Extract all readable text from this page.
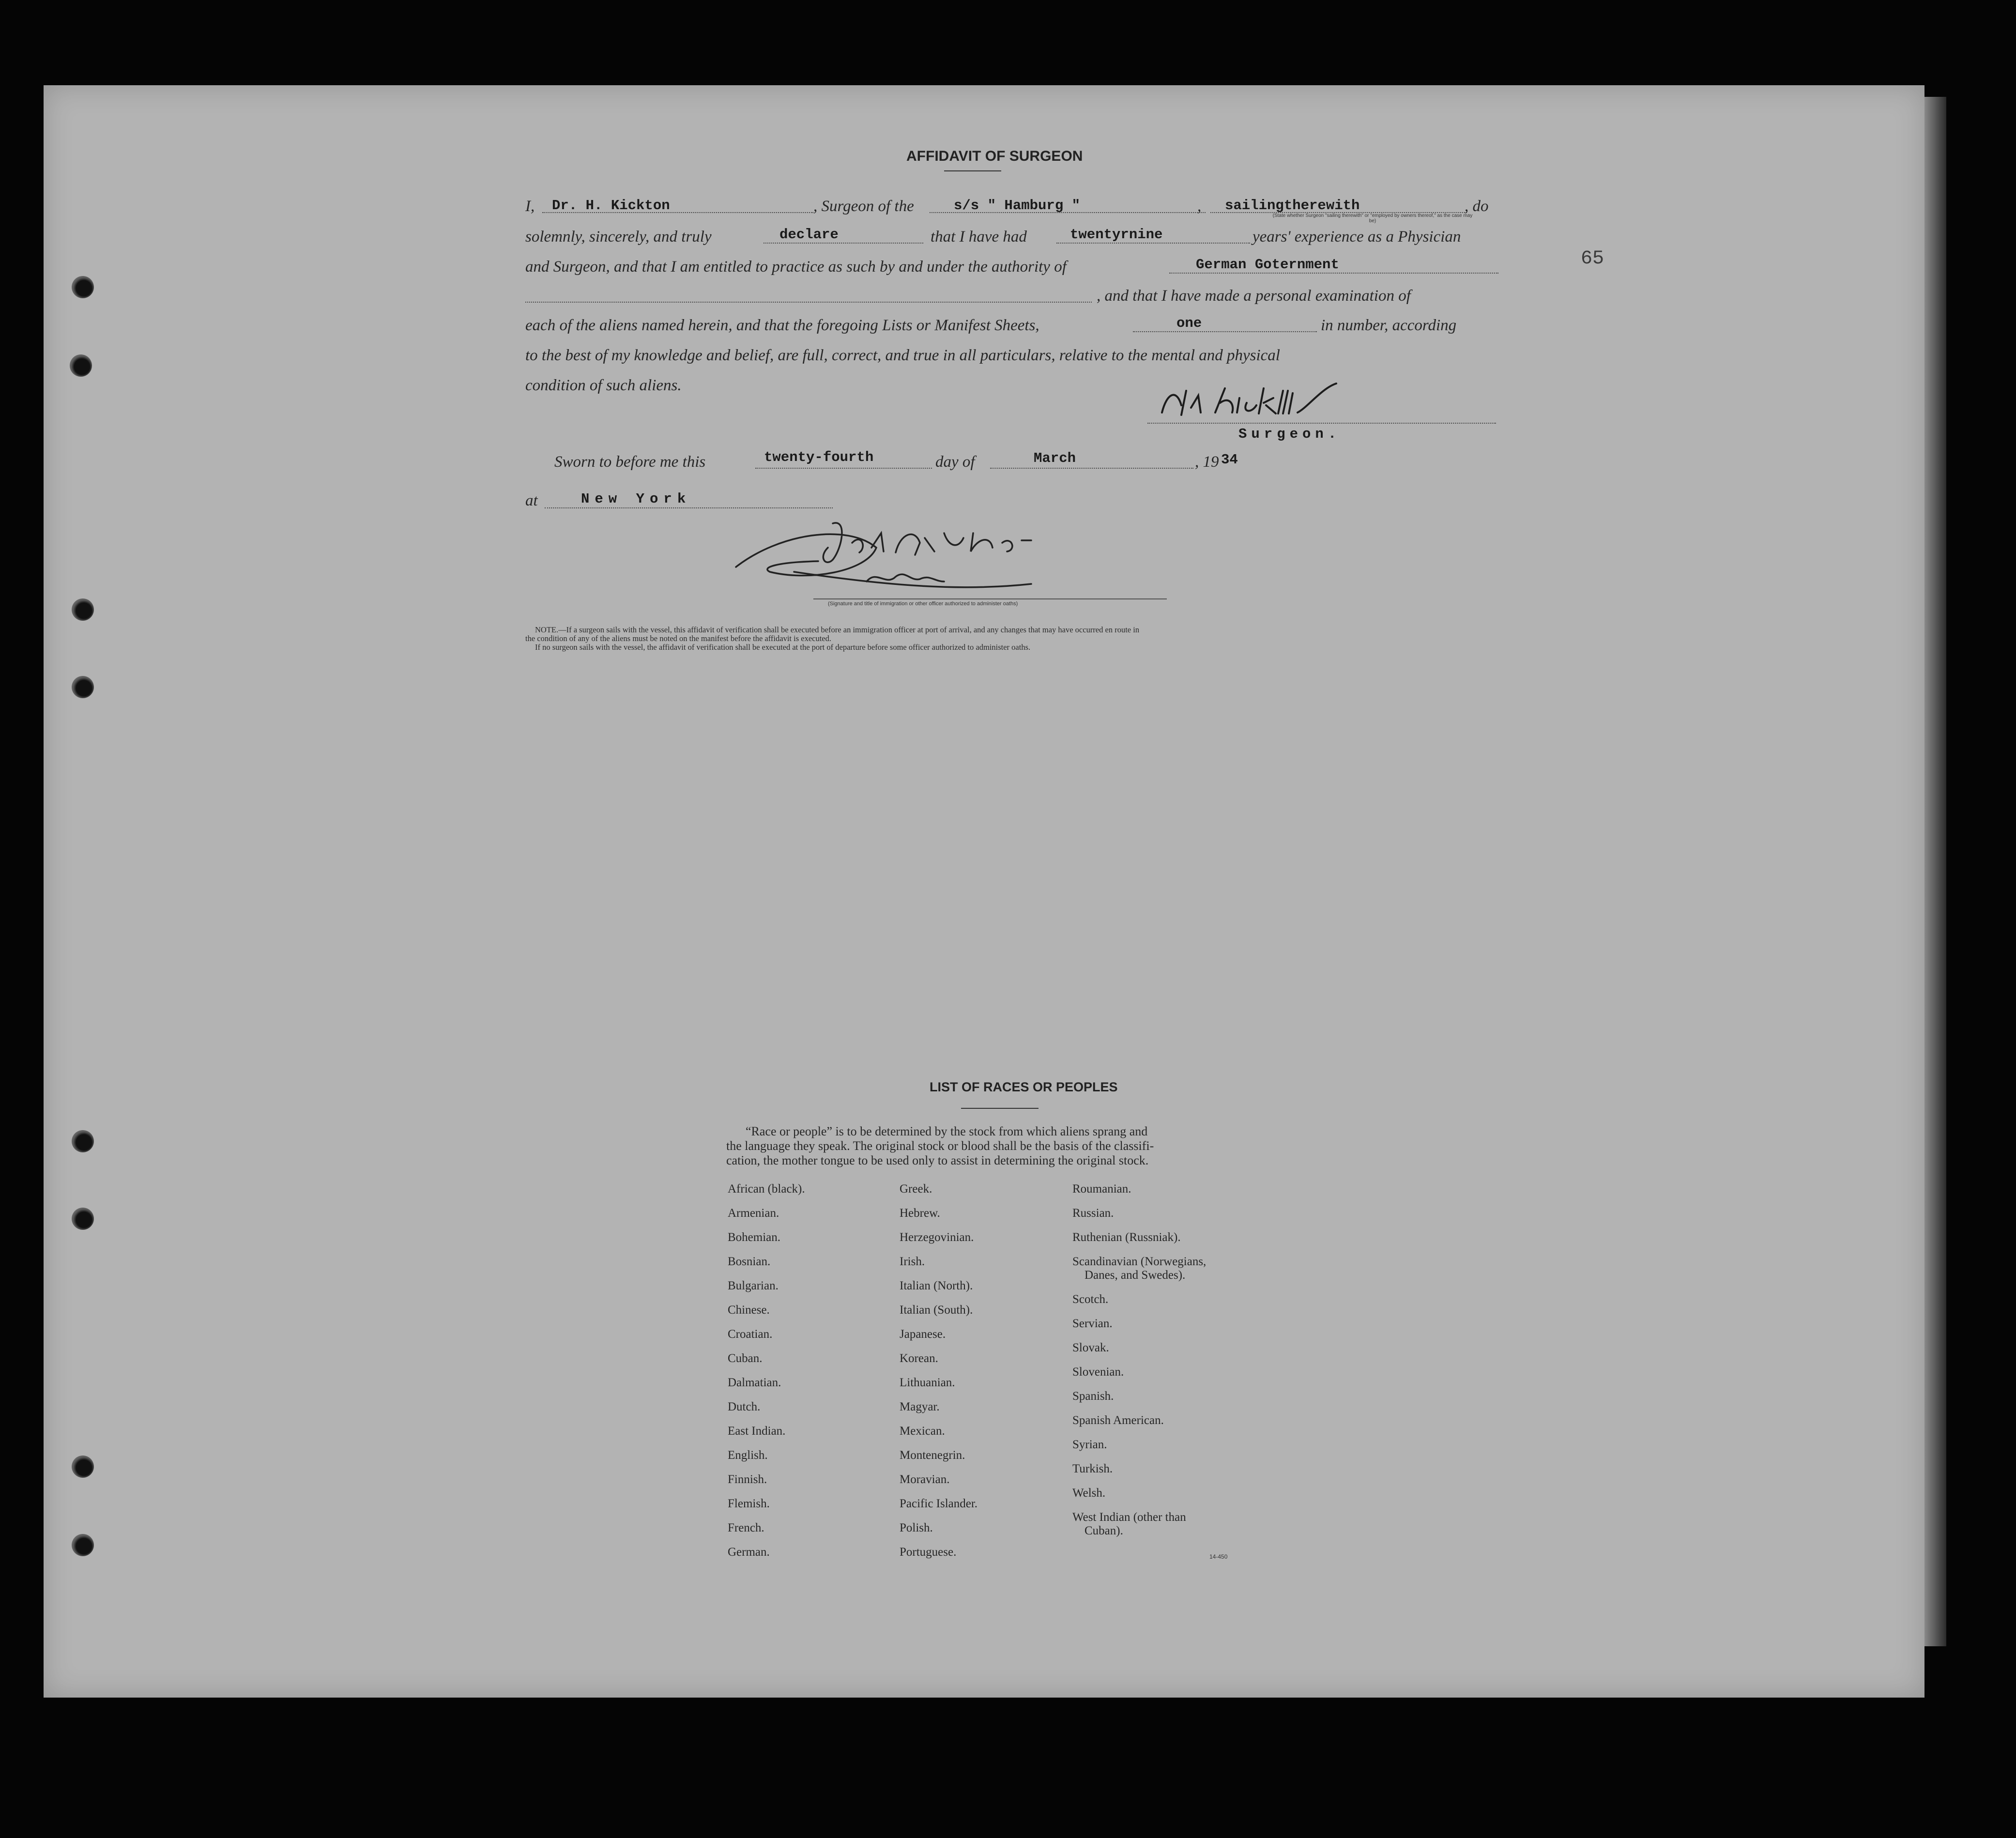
65
AFFIDAVIT OF SURGEON
I, Dr. H. Kickton	, Surgeon of the	s/s " Hamburg "	, sailingtherewith	, do
(State whether Surgeon "sailing therewith" or "employed by owners thereof," as the case may be)
solemnly, sincerely, and truly	declare	that I have had	twentyrnine	years' experience as a Physician
and Surgeon, and that I am entitled to practice as such by and under the authority of	German Goternment
, and that I have made a personal examination of
each of the aliens named herein, and that the foregoing Lists or Manifest Sheets,	one	in number, according
to the best of my knowledge and belief, are full, correct, and true in all particulars, relative to the mental and physical
condition of such aliens.
Surgeon.
Sworn to before me this	twenty-fourth	day of	March	, 19 34
at	New York
(Signature and title of immigration or other officer authorized to administer oaths)
NOTE.—If a surgeon sails with the vessel, this affidavit of verification shall be executed before an immigration officer at port of arrival, and any changes that may have occurred en route in
the condition of any of the aliens must be noted on the manifest before the affidavit is executed.
If no surgeon sails with the vessel, the affidavit of verification shall be executed at the port of departure before some officer authorized to administer oaths.
LIST OF RACES OR PEOPLES
“Race or people” is to be determined by the stock from which aliens sprang and
the language they speak. The original stock or blood shall be the basis of the classifi-
cation, the mother tongue to be used only to assist in determining the original stock.
African (black).
Armenian.
Bohemian.
Bosnian.
Bulgarian.
Chinese.
Croatian.
Cuban.
Dalmatian.
Dutch.
East Indian.
English.
Finnish.
Flemish.
French.
German.
Greek.
Hebrew.
Herzegovinian.
Irish.
Italian (North).
Italian (South).
Japanese.
Korean.
Lithuanian.
Magyar.
Mexican.
Montenegrin.
Moravian.
Pacific Islander.
Polish.
Portuguese.
Roumanian.
Russian.
Ruthenian (Russniak).
Scandinavian (Norwegians,
Danes, and Swedes).
Scotch.
Servian.
Slovak.
Slovenian.
Spanish.
Spanish American.
Syrian.
Turkish.
Welsh.
West Indian (other than
Cuban).
14-450
